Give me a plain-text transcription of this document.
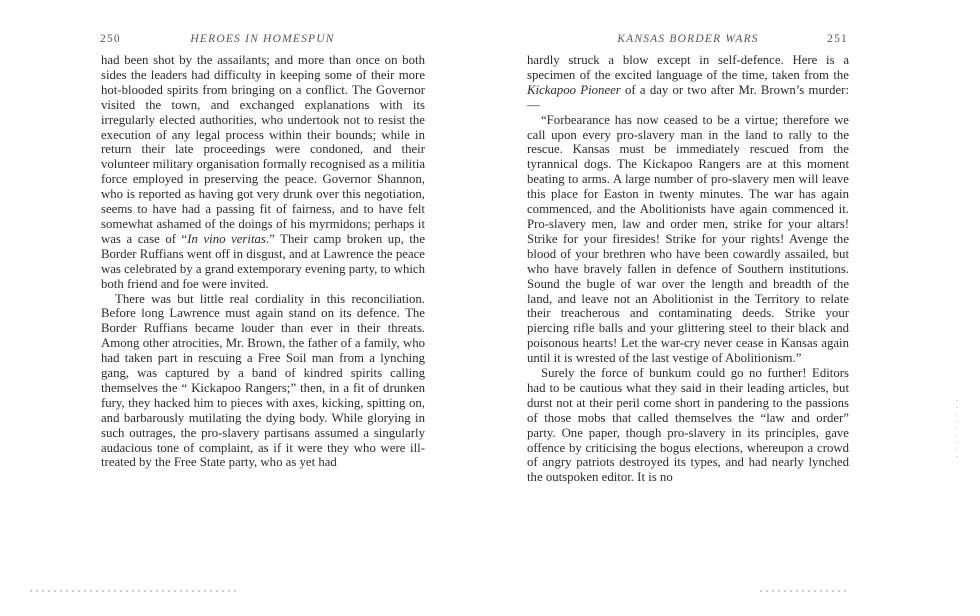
250	HEROES IN HOMESPUN

had been shot by the assailants; and more than once on both sides the leaders had difficulty in keeping some of their more hot-blooded spirits from bringing on a conflict. The Governor visited the town, and exchanged explanations with its irregularly elected authorities, who undertook not to resist the execution of any legal process within their bounds; while in return their late proceedings were condoned, and their volunteer military organisation formally recognised as a militia force employed in preserving the peace. Governor Shannon, who is reported as having got very drunk over this negotiation, seems to have had a passing fit of fairness, and to have felt somewhat ashamed of the doings of his myrmidons; perhaps it was a case of “In vino veritas.” Their camp broken up, the Border Ruffians went off in disgust, and at Lawrence the peace was celebrated by a grand extemporary evening party, to which both friend and foe were invited.

There was but little real cordiality in this reconciliation. Before long Lawrence must again stand on its defence. The Border Ruffians became louder than ever in their threats. Among other atrocities, Mr. Brown, the father of a family, who had taken part in rescuing a Free Soil man from a lynching gang, was captured by a band of kindred spirits calling themselves the “ Kickapoo Rangers;” then, in a fit of drunken fury, they hacked him to pieces with axes, kicking, spitting on, and barbarously mutilating the dying body. While glorying in such outrages, the pro-slavery partisans assumed a singularly audacious tone of complaint, as if it were they who were ill-treated by the Free State party, who as yet had

KANSAS BORDER WARS	251

hardly struck a blow except in self-defence. Here is a specimen of the excited language of the time, taken from the Kickapoo Pioneer of a day or two after Mr. Brown’s murder:—

“Forbearance has now ceased to be a virtue; therefore we call upon every pro-slavery man in the land to rally to the rescue. Kansas must be immediately rescued from the tyrannical dogs. The Kickapoo Rangers are at this moment beating to arms. A large number of pro-slavery men will leave this place for Easton in twenty minutes. The war has again commenced, and the Abolitionists have again commenced it. Pro-slavery men, law and order men, strike for your altars! Strike for your firesides! Strike for your rights! Avenge the blood of your brethren who have been cowardly assailed, but who have bravely fallen in defence of Southern institutions. Sound the bugle of war over the length and breadth of the land, and leave not an Abolitionist in the Territory to relate their treacherous and contaminating deeds. Strike your piercing rifle balls and your glittering steel to their black and poisonous hearts! Let the war-cry never cease in Kansas again until it is wrested of the last vestige of Abolitionism.”

Surely the force of bunkum could go no further! Editors had to be cautious what they said in their leading articles, but durst not at their peril come short in pandering to the passions of those mobs that called themselves the “law and order” party. One paper, though pro-slavery in its principles, gave offence by criticising the bogus elections, whereupon a crowd of angry patriots destroyed its types, and had nearly lynched the outspoken editor. It is no
